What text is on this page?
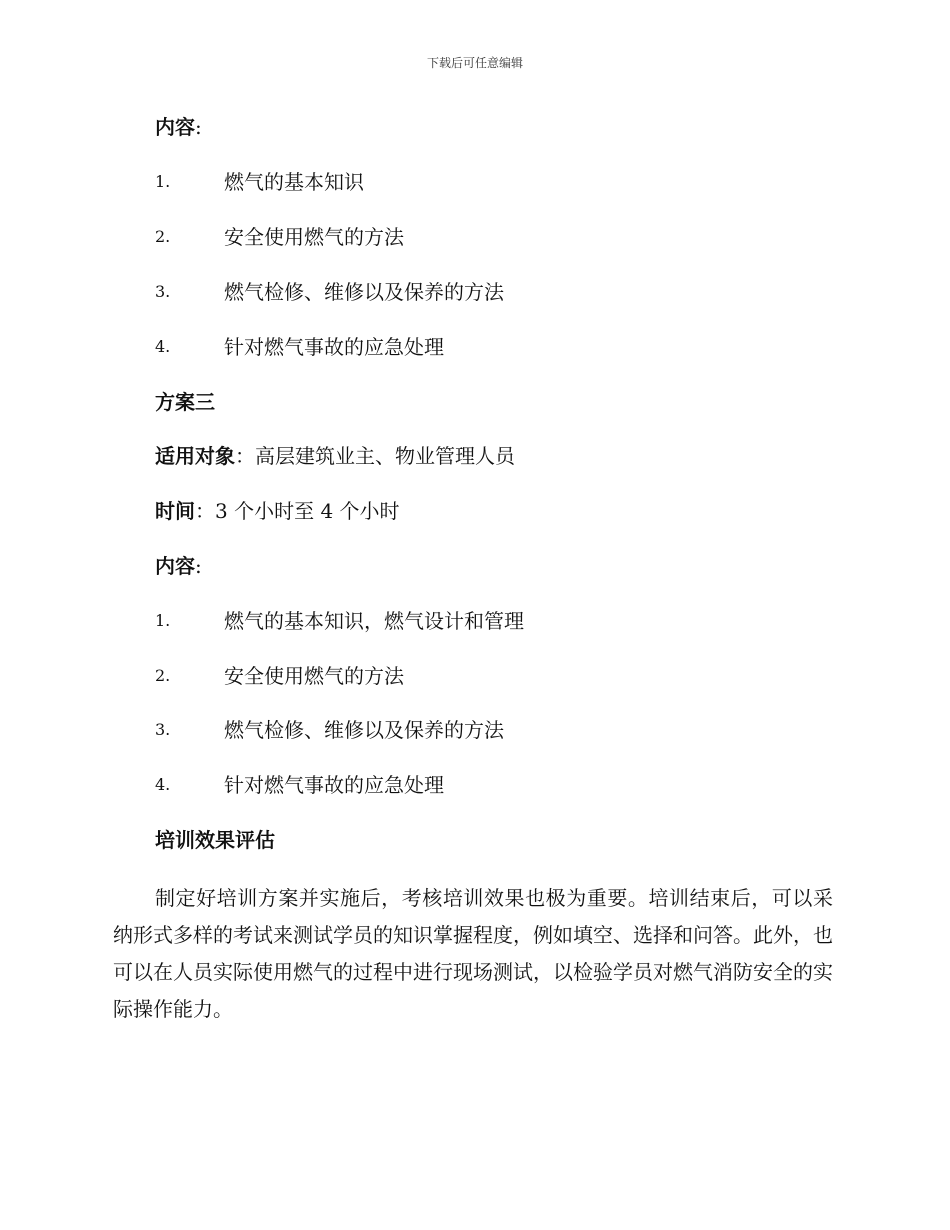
下载后可任意编辑
内容:
1.	燃气的基本知识
2.	安全使用燃气的方法
3.	燃气检修、维修以及保养的方法
4.	针对燃气事故的应急处理
方案三
适用对象：高层建筑业主、物业管理人员
时间：3 个小时至 4 个小时
内容:
1.	燃气的基本知识，燃气设计和管理
2.	安全使用燃气的方法
3.	燃气检修、维修以及保养的方法
4.	针对燃气事故的应急处理
培训效果评估
制定好培训方案并实施后，考核培训效果也极为重要。培训结束后，可以采纳形式多样的考试来测试学员的知识掌握程度，例如填空、选择和问答。此外，也可以在人员实际使用燃气的过程中进行现场测试，以检验学员对燃气消防安全的实际操作能力。
